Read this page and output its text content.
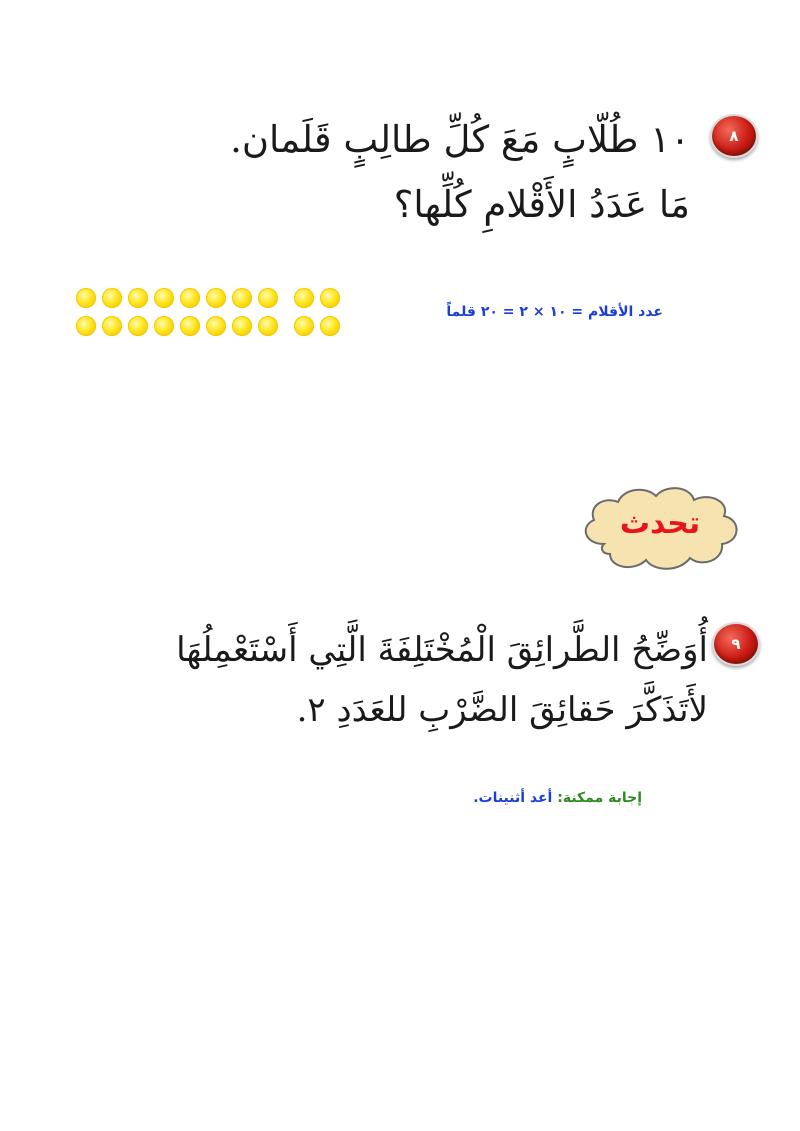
٨
١٠ طُلّابٍ مَعَ كُلِّ طالِبٍ قَلَمان.
مَا عَدَدُ الأَقْلامِ كُلِّها؟
عدد الأقلام = ١٠ × ٢ = ٢٠ قلماً
تحدث
٩
أُوَضِّحُ الطَّرائِقَ الْمُخْتَلِفَةَ الَّتِي أَسْتَعْمِلُهَا
لأَتَذَكَّرَ حَقائِقَ الضَّرْبِ للعَدَدِ ٢.
إجابة ممكنة: أعد أثنينات.
